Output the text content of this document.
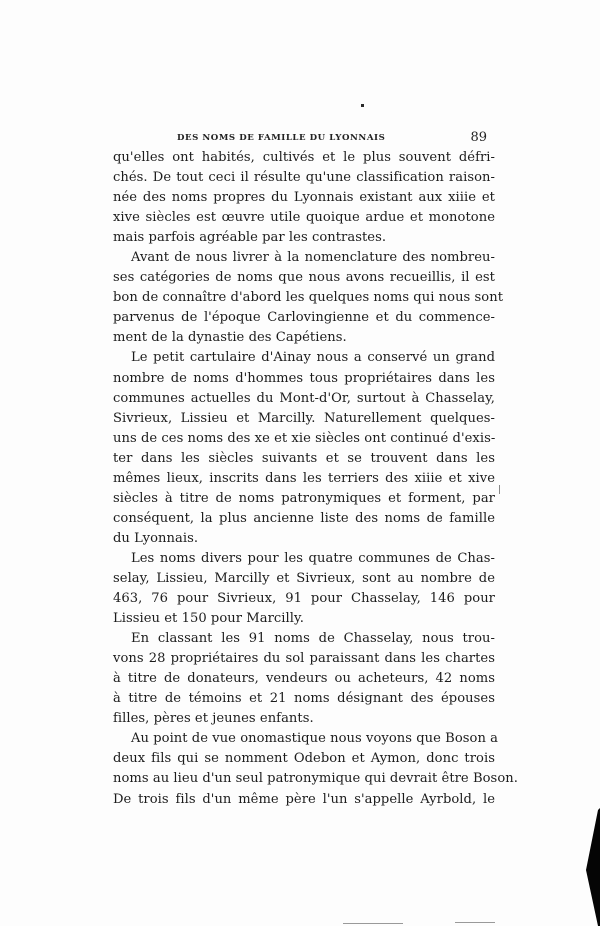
DES NOMS DE FAMILLE DU LYONNAIS	89
qu'elles ont habités, cultivés et le plus souvent défri-
chés. De tout ceci il résulte qu'une classification raison-
née des noms propres du Lyonnais existant aux xiiie et
xive siècles est œuvre utile quoique ardue et monotone
mais parfois agréable par les contrastes.
Avant de nous livrer à la nomenclature des nombreu-
ses catégories de noms que nous avons recueillis, il est
bon de connaître d'abord les quelques noms qui nous sont
parvenus de l'époque Carlovingienne et du commence-
ment de la dynastie des Capétiens.
Le petit cartulaire d'Ainay nous a conservé un grand
nombre de noms d'hommes tous propriétaires dans les
communes actuelles du Mont-d'Or, surtout à Chasselay,
Sivrieux, Lissieu et Marcilly. Naturellement quelques-
uns de ces noms des xe et xie siècles ont continué d'exis-
ter dans les siècles suivants et se trouvent dans les
mêmes lieux, inscrits dans les terriers des xiiie et xive
siècles à titre de noms patronymiques et forment, par
conséquent, la plus ancienne liste des noms de famille
du Lyonnais.
Les noms divers pour les quatre communes de Chas-
selay, Lissieu, Marcilly et Sivrieux, sont au nombre de
463, 76 pour Sivrieux, 91 pour Chasselay, 146 pour
Lissieu et 150 pour Marcilly.
En classant les 91 noms de Chasselay, nous trou-
vons 28 propriétaires du sol paraissant dans les chartes
à titre de donateurs, vendeurs ou acheteurs, 42 noms
à titre de témoins et 21 noms désignant des épouses
filles, pères et jeunes enfants.
Au point de vue onomastique nous voyons que Boson a
deux fils qui se nomment Odebon et Aymon, donc trois
noms au lieu d'un seul patronymique qui devrait être Boson.
De trois fils d'un même père l'un s'appelle Ayrbold, le
